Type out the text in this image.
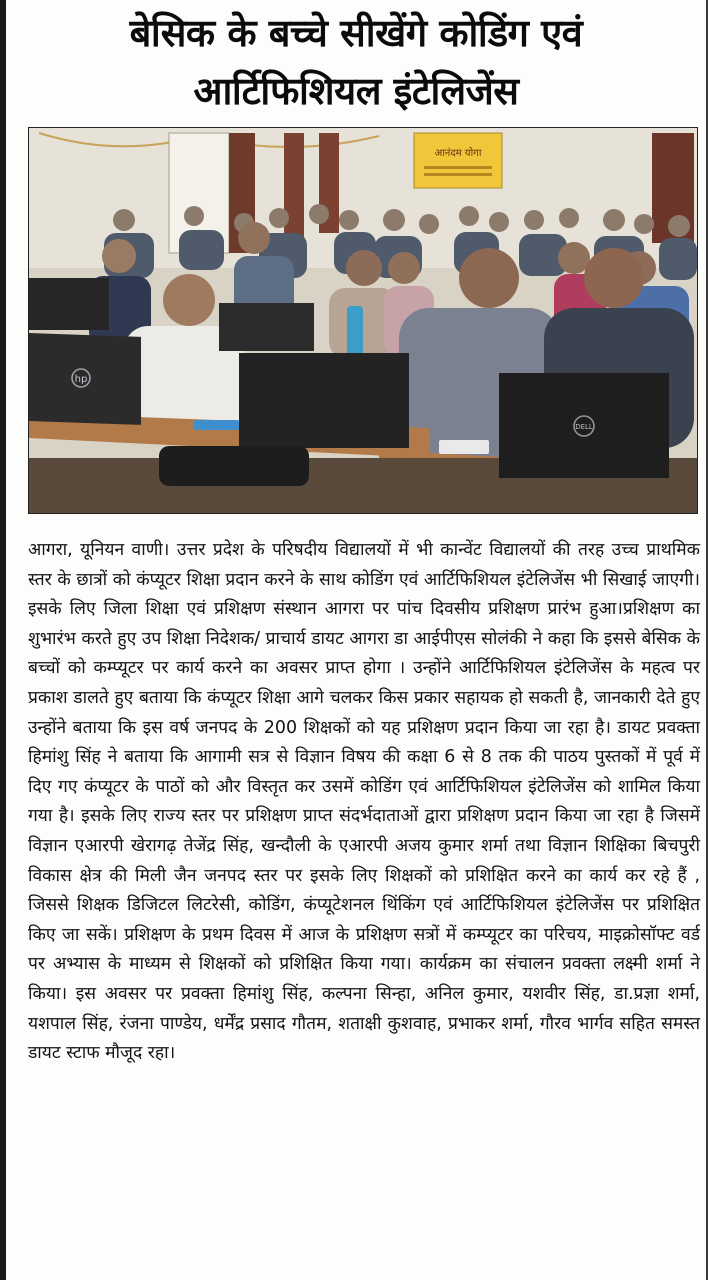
बेसिक के बच्चे सीखेंगे कोडिंग एवं
आर्टिफिशियल इंटेलिजेंस
आनंदम योगा
hp
DELL

आगरा, यूनियन वाणी। उत्तर प्रदेश के परिषदीय विद्यालयों में भी कान्वेंट विद्यालयों की तरह उच्च प्राथमिक स्तर के छात्रों को कंप्यूटर शिक्षा प्रदान करने के साथ कोडिंग एवं आर्टिफिशियल इंटेलिजेंस भी सिखाई जाएगी। इसके लिए जिला शिक्षा एवं प्रशिक्षण संस्थान आगरा पर पांच दिवसीय प्रशिक्षण प्रारंभ हुआ।प्रशिक्षण का शुभारंभ करते हुए उप शिक्षा निदेशक/ प्राचार्य डायट आगरा डा आईपीएस सोलंकी ने कहा कि इससे बेसिक के बच्चों को कम्प्यूटर पर कार्य करने का अवसर प्राप्त होगा । उन्होंने आर्टिफिशियल इंटेलिजेंस के महत्व पर प्रकाश डालते हुए बताया कि कंप्यूटर शिक्षा आगे चलकर किस प्रकार सहायक हो सकती है, जानकारी देते हुए उन्होंने बताया कि इस वर्ष जनपद के 200 शिक्षकों को यह प्रशिक्षण प्रदान किया जा रहा है। डायट प्रवक्ता हिमांशु सिंह ने बताया कि आगामी सत्र से विज्ञान विषय की कक्षा 6 से 8 तक की पाठय पुस्तकों में पूर्व में दिए गए कंप्यूटर के पाठों को और विस्तृत कर उसमें कोडिंग एवं आर्टिफिशियल इंटेलिजेंस को शामिल किया गया है। इसके लिए राज्य स्तर पर प्रशिक्षण प्राप्त संदर्भदाताओं द्वारा प्रशिक्षण प्रदान किया जा रहा है जिसमें विज्ञान एआरपी खेरागढ़ तेजेंद्र सिंह, खन्दौली के एआरपी अजय कुमार शर्मा तथा विज्ञान शिक्षिका बिचपुरी विकास क्षेत्र की मिली जैन जनपद स्तर पर इसके लिए शिक्षकों को प्रशिक्षित करने का कार्य कर रहे हैं , जिससे शिक्षक डिजिटल लिटरेसी, कोडिंग, कंप्यूटेशनल थिंकिंग एवं आर्टिफिशियल इंटेलिजेंस पर प्रशिक्षित किए जा सकें। प्रशिक्षण के प्रथम दिवस में आज के प्रशिक्षण सत्रों में कम्प्यूटर का परिचय, माइक्रोसॉफ्ट वर्ड पर अभ्यास के माध्यम से शिक्षकों को प्रशिक्षित किया गया। कार्यक्रम का संचालन प्रवक्ता लक्ष्मी शर्मा ने किया। इस अवसर पर प्रवक्ता हिमांशु सिंह, कल्पना सिन्हा, अनिल कुमार, यशवीर सिंह, डा.प्रज्ञा शर्मा, यशपाल सिंह, रंजना पाण्डेय, धर्मेंद्र प्रसाद गौतम, शताक्षी कुशवाह, प्रभाकर शर्मा, गौरव भार्गव सहित समस्त डायट स्टाफ मौजूद रहा।
